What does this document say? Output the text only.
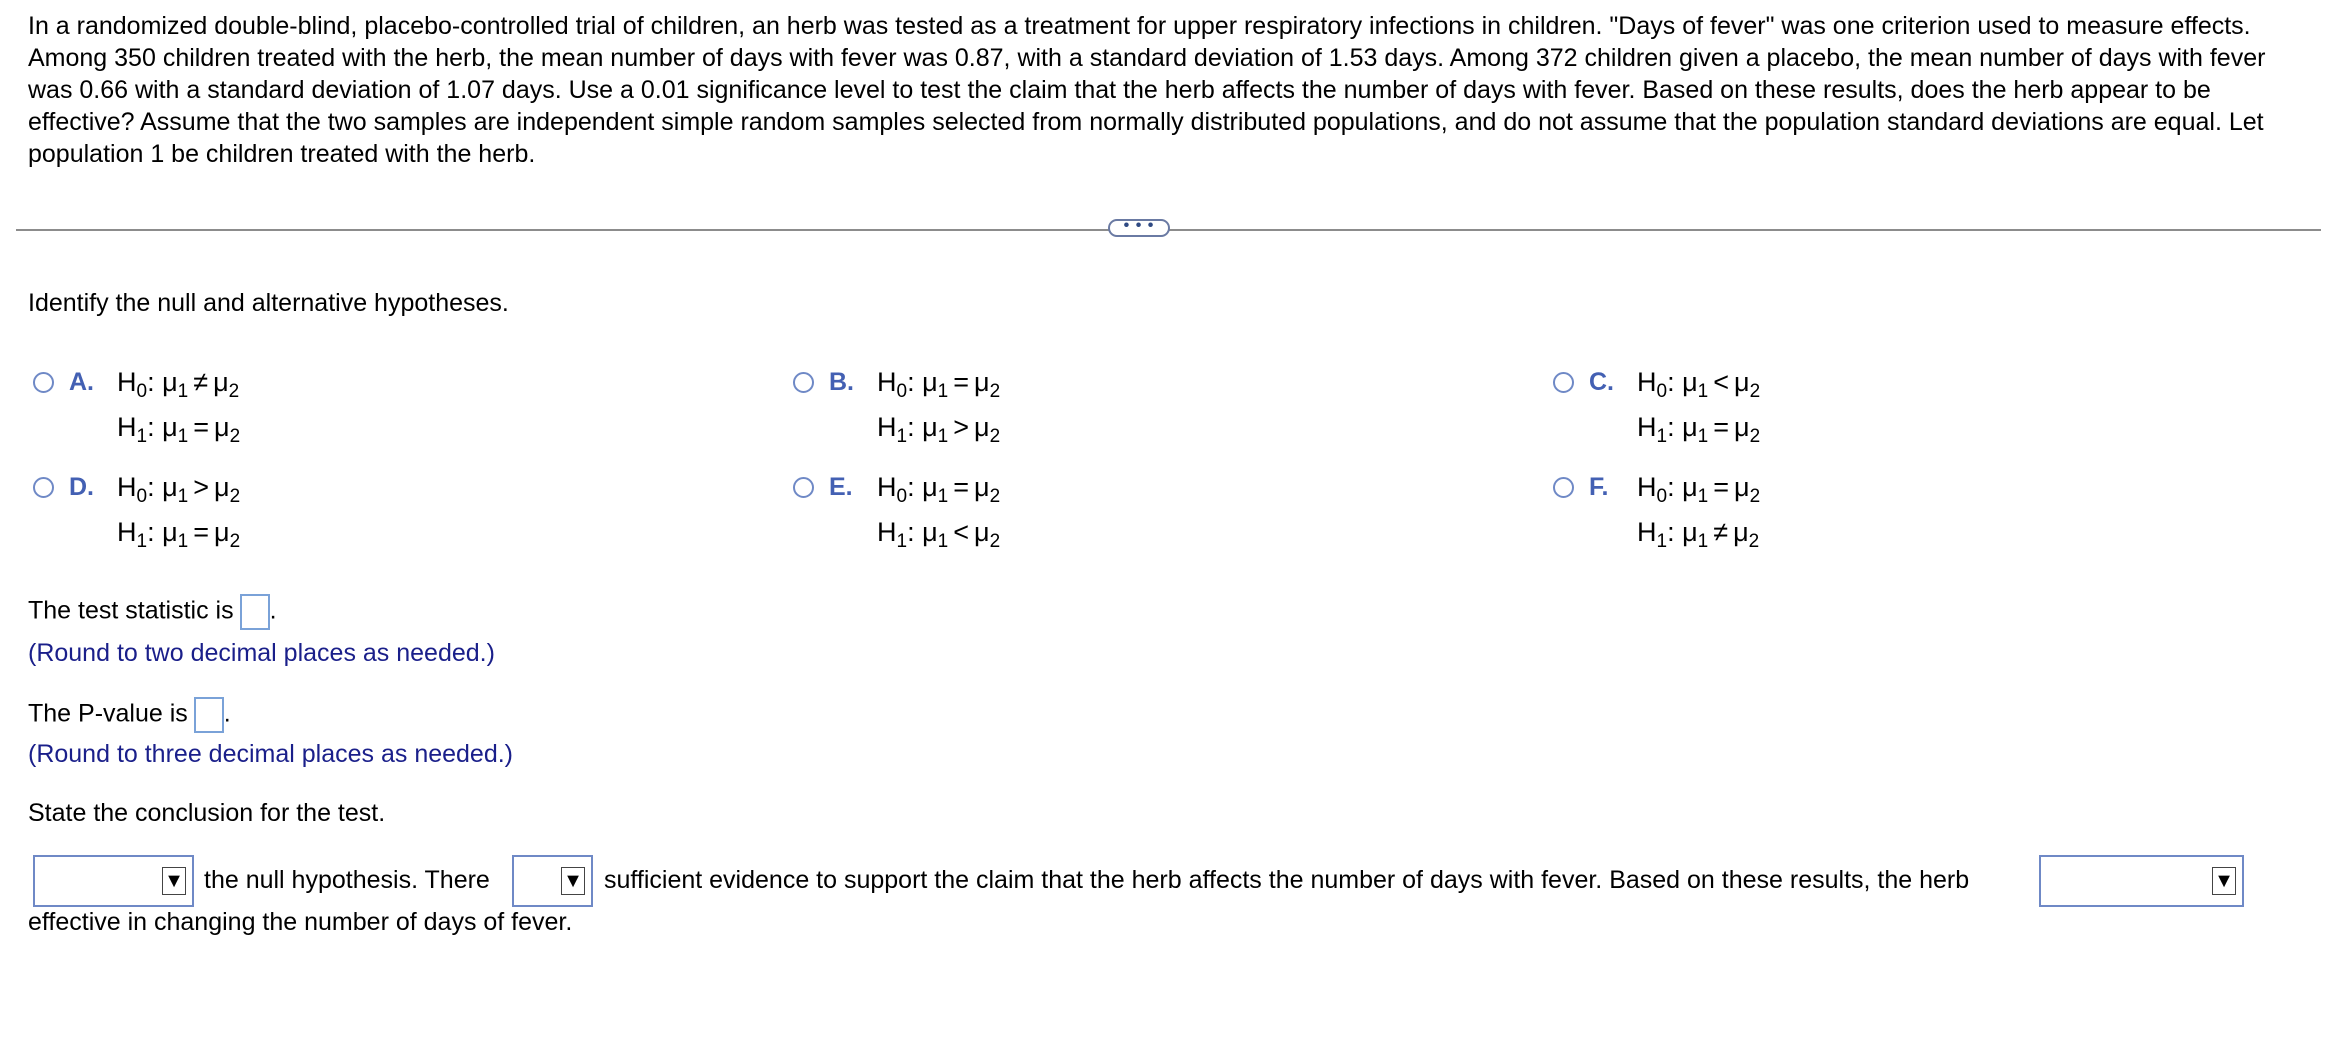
In a randomized double-blind, placebo-controlled trial of children, an herb was tested as a treatment for upper respiratory infections in children. "Days of fever" was one criterion used to measure effects. Among 350 children treated with the herb, the mean number of days with fever was 0.87, with a standard deviation of 1.53 days. Among 372 children given a placebo, the mean number of days with fever was 0.66 with a standard deviation of 1.07 days. Use a 0.01 significance level to test the claim that the herb affects the number of days with fever. Based on these results, does the herb appear to be effective? Assume that the two samples are independent simple random samples selected from normally distributed populations, and do not assume that the population standard deviations are equal. Let population 1 be children treated with the herb.
• • •
Identify the null and alternative hypotheses.
A. $H_0$: $\mu_1 \ne \mu_2$
$H_1$: $\mu_1 = \mu_2$
B. $H_0$: $\mu_1 = \mu_2$
$H_1$: $\mu_1 > \mu_2$
C. $H_0$: $\mu_1 < \mu_2$
$H_1$: $\mu_1 = \mu_2$
D. $H_0$: $\mu_1 > \mu_2$
$H_1$: $\mu_1 = \mu_2$
E. $H_0$: $\mu_1 = \mu_2$
$H_1$: $\mu_1 < \mu_2$
F. $H_0$: $\mu_1 = \mu_2$
$H_1$: $\mu_1 \ne \mu_2$
The test statistic is .
(Round to two decimal places as needed.)
The P-value is .
(Round to three decimal places as needed.)
State the conclusion for the test.
▼ the null hypothesis. There	▼ sufficient evidence to support the claim that the herb affects the number of days with fever. Based on these results, the herb	▼
effective in changing the number of days of fever.
